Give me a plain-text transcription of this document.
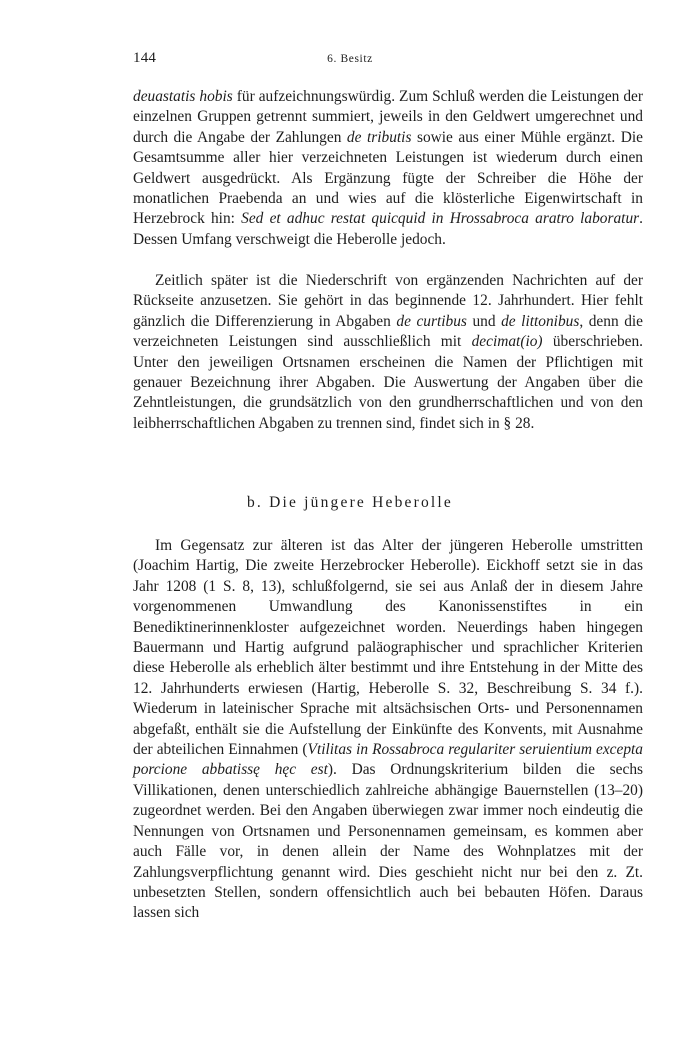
144	6. Besitz

deuastatis hobis für aufzeichnungswürdig. Zum Schluß werden die Leistungen der einzelnen Gruppen getrennt summiert, jeweils in den Geldwert umgerechnet und durch die Angabe der Zahlungen de tributis sowie aus einer Mühle ergänzt. Die Gesamtsumme aller hier verzeichneten Leistungen ist wiederum durch einen Geldwert ausgedrückt. Als Ergänzung fügte der Schreiber die Höhe der monatlichen Praebenda an und wies auf die klösterliche Eigenwirtschaft in Herzebrock hin: Sed et adhuc restat quicquid in Hrossabroca aratro laboratur. Dessen Umfang verschweigt die Heberolle jedoch.

Zeitlich später ist die Niederschrift von ergänzenden Nachrichten auf der Rückseite anzusetzen. Sie gehört in das beginnende 12. Jahrhundert. Hier fehlt gänzlich die Differenzierung in Abgaben de curtibus und de littonibus, denn die verzeichneten Leistungen sind ausschließlich mit decimat(io) überschrieben. Unter den jeweiligen Ortsnamen erscheinen die Namen der Pflichtigen mit genauer Bezeichnung ihrer Abgaben. Die Auswertung der Angaben über die Zehntleistungen, die grundsätzlich von den grundherrschaftlichen und von den leibherrschaftlichen Abgaben zu trennen sind, findet sich in § 28.

b. Die jüngere Heberolle

Im Gegensatz zur älteren ist das Alter der jüngeren Heberolle umstritten (Joachim Hartig, Die zweite Herzebrocker Heberolle). Eickhoff setzt sie in das Jahr 1208 (1 S. 8, 13), schlußfolgernd, sie sei aus Anlaß der in diesem Jahre vorgenommenen Umwandlung des Kanonissenstiftes in ein Benediktinerinnenkloster aufgezeichnet worden. Neuerdings haben hingegen Bauermann und Hartig aufgrund paläographischer und sprachlicher Kriterien diese Heberolle als erheblich älter bestimmt und ihre Entstehung in der Mitte des 12. Jahrhunderts erwiesen (Hartig, Heberolle S. 32, Beschreibung S. 34 f.). Wiederum in lateinischer Sprache mit altsächsischen Orts- und Personennamen abgefaßt, enthält sie die Aufstellung der Einkünfte des Konvents, mit Ausnahme der abteilichen Einnahmen (Vtilitas in Rossabroca regulariter seruientium excepta porcione abbatissę hęc est). Das Ordnungskriterium bilden die sechs Villikationen, denen unterschiedlich zahlreiche abhängige Bauernstellen (13–20) zugeordnet werden. Bei den Angaben überwiegen zwar immer noch eindeutig die Nennungen von Ortsnamen und Personennamen gemeinsam, es kommen aber auch Fälle vor, in denen allein der Name des Wohnplatzes mit der Zahlungsverpflichtung genannt wird. Dies geschieht nicht nur bei den z. Zt. unbesetzten Stellen, sondern offensichtlich auch bei bebauten Höfen. Daraus lassen sich
